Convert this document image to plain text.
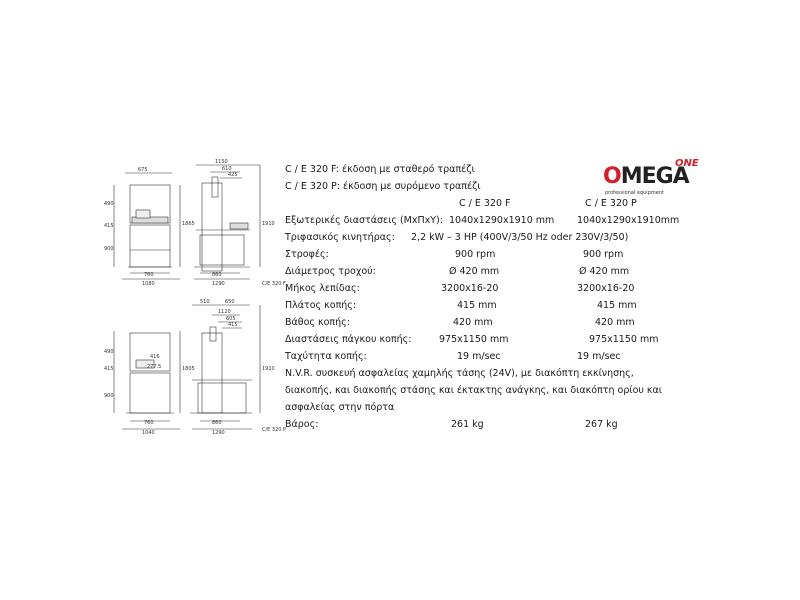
675
1150
610
425
1910
1865
490
415
900
760
1080
860
1290
510	650
1120
605
415
490
415
900
416
277,5
760
1040
860
1290
1910
1805
C/E 320 F
C/E 320 P
ONE
OMEGA
professional equipment
C / E 320 F: έκδοση με σταθερό τραπέζι
C / E 320 P: έκδοση με συρόμενο τραπέζι
C / E 320 F	C / E 320 P
Εξωτερικές διαστάσεις (ΜxΠxΥ): 1040x1290x1910 mm 1040x1290x1910mm
Τριφασικός κινητήρας: 2,2 kW – 3 HP (400V/3/50 Hz oder 230V/3/50)
Στροφές:	900 rpm	900 rpm
Διάμετρος τροχού:	Ø 420 mm	Ø 420 mm
Μήκος λεπίδας:	3200x16-20	3200x16-20
Πλάτος κοπής:	415 mm	415 mm
Βάθος κοπής:	420 mm	420 mm
Διαστάσεις πάγκου κοπής:	975x1150 mm	975x1150 mm
Ταχύτητα κοπής:	19 m/sec	19 m/sec
N.V.R. συσκευή ασφαλείας χαμηλής τάσης (24V), με διακόπτη εκκίνησης,
διακοπής, και διακοπής στάσης και έκτακτης ανάγκης, και διακόπτη ορίου και
ασφαλείας στην πόρτα
Βάρος:	261 kg	267 kg
